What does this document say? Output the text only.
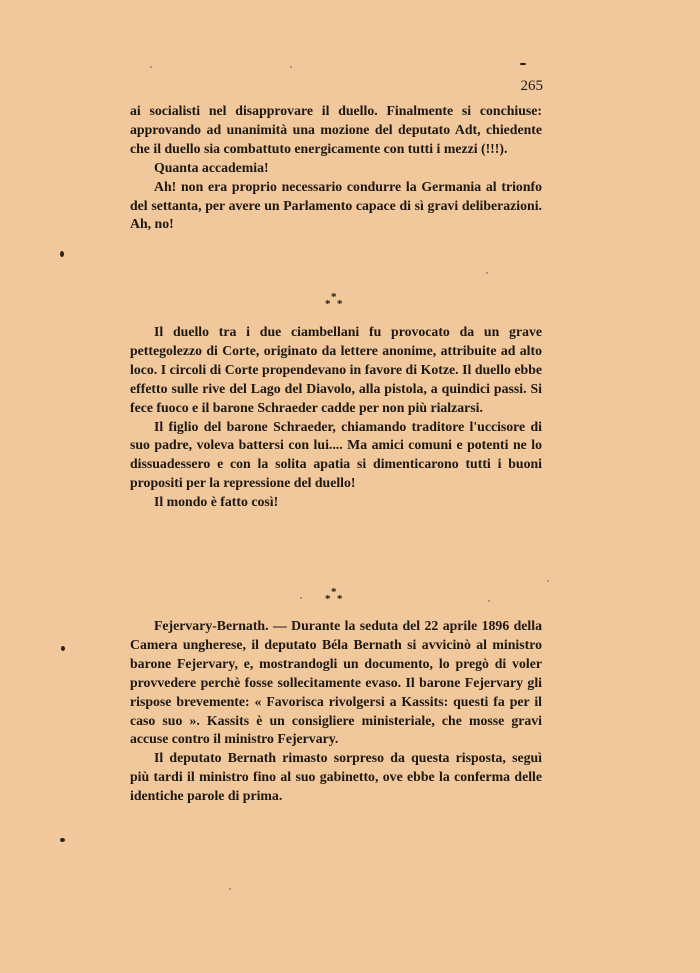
265

ai socialisti nel disapprovare il duello. Finalmente si conchiuse: approvando ad unanimità una mozione del deputato Adt, chiedente che il duello sia combattuto energicamente con tutti i mezzi (!!!).

Quanta accademia!

Ah! non era proprio necessario condurre la Germania al trionfo del settanta, per avere un Parlamento capace di sì gravi deliberazioni. Ah, no!

*
*
*

Il duello tra i due ciambellani fu provocato da un grave pettegolezzo di Corte, originato da lettere anonime, attribuite ad alto loco. I circoli di Corte propendevano in favore di Kotze. Il duello ebbe effetto sulle rive del Lago del Diavolo, alla pistola, a quindici passi. Si fece fuoco e il barone Schraeder cadde per non più rialzarsi.

Il figlio del barone Schraeder, chiamando traditore l'uccisore di suo padre, voleva battersi con lui.... Ma amici comuni e potenti ne lo dissuadessero e con la solita apatia si dimenticarono tutti i buoni propositi per la repressione del duello!

Il mondo è fatto così!

*
*
*

Fejervary-Bernath. — Durante la seduta del 22 aprile 1896 della Camera ungherese, il deputato Béla Bernath si avvicinò al ministro barone Fejervary, e, mostrandogli un documento, lo pregò di voler provvedere perchè fosse sollecitamente evaso. Il barone Fejervary gli rispose brevemente: « Favorisca rivolgersi a Kassits: questi fa per il caso suo ». Kassits è un consigliere ministeriale, che mosse gravi accuse contro il ministro Fejervary.

Il deputato Bernath rimasto sorpreso da questa risposta, seguì più tardi il ministro fino al suo gabinetto, ove ebbe la conferma delle identiche parole di prima.
